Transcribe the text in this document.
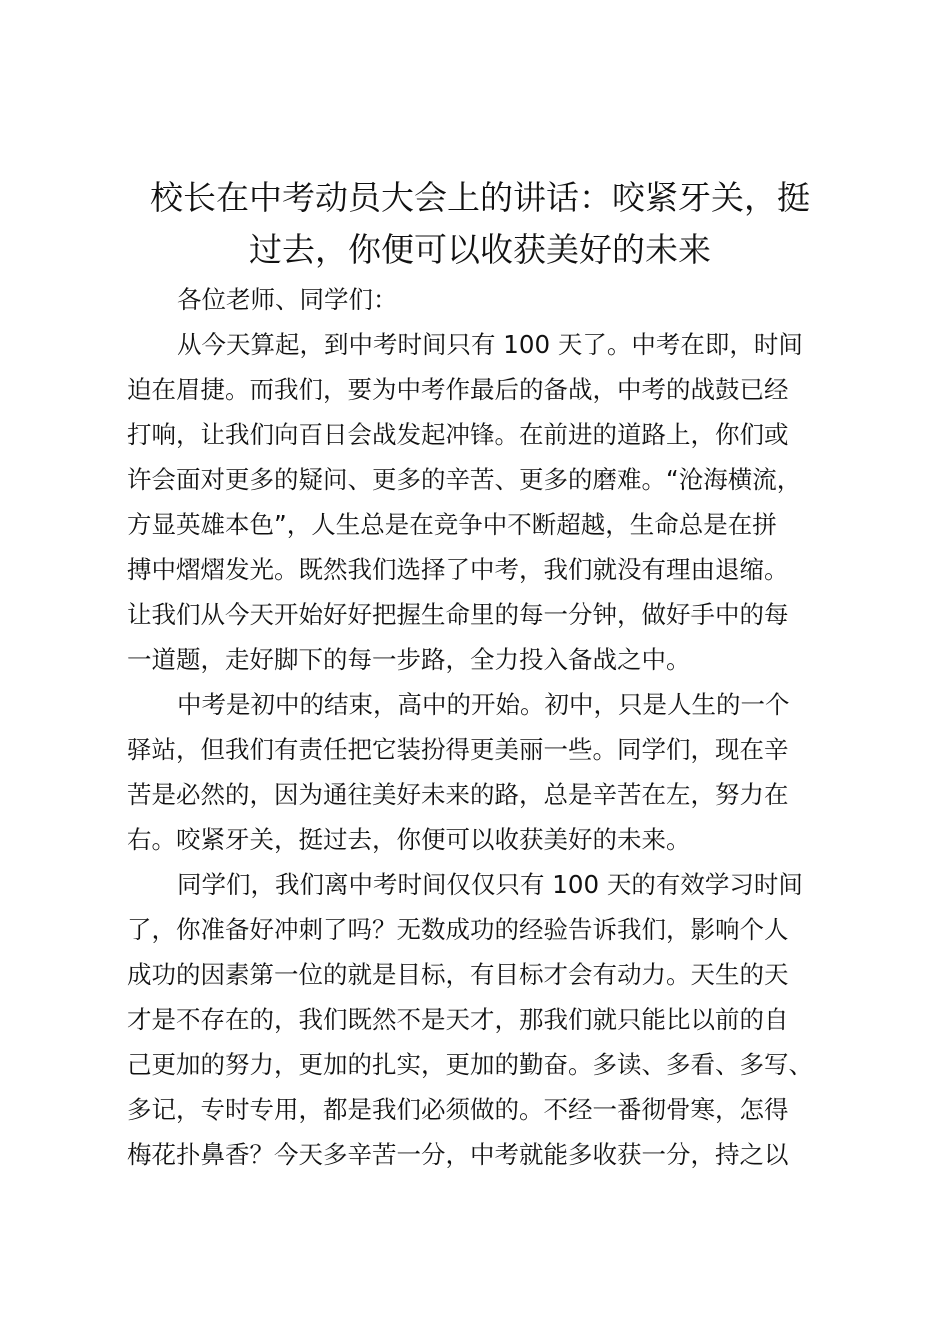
校长在中考动员大会上的讲话：咬紧牙关，挺
过去，你便可以收获美好的未来

各位老师、同学们：

从今天算起，到中考时间只有 100 天了。中考在即，时间
迫在眉捷。而我们，要为中考作最后的备战，中考的战鼓已经
打响，让我们向百日会战发起冲锋。在前进的道路上，你们或
许会面对更多的疑问、更多的辛苦、更多的磨难。“沧海横流，
方显英雄本色”，人生总是在竞争中不断超越，生命总是在拼
搏中熠熠发光。既然我们选择了中考，我们就没有理由退缩。
让我们从今天开始好好把握生命里的每一分钟，做好手中的每
一道题，走好脚下的每一步路，全力投入备战之中。

中考是初中的结束，高中的开始。初中，只是人生的一个
驿站，但我们有责任把它装扮得更美丽一些。同学们，现在辛
苦是必然的，因为通往美好未来的路，总是辛苦在左，努力在
右。咬紧牙关，挺过去，你便可以收获美好的未来。

同学们，我们离中考时间仅仅只有 100 天的有效学习时间
了，你准备好冲刺了吗？无数成功的经验告诉我们，影响个人
成功的因素第一位的就是目标，有目标才会有动力。天生的天
才是不存在的，我们既然不是天才，那我们就只能比以前的自
己更加的努力，更加的扎实，更加的勤奋。多读、多看、多写、
多记，专时专用，都是我们必须做的。不经一番彻骨寒，怎得
梅花扑鼻香？今天多辛苦一分，中考就能多收获一分，持之以
